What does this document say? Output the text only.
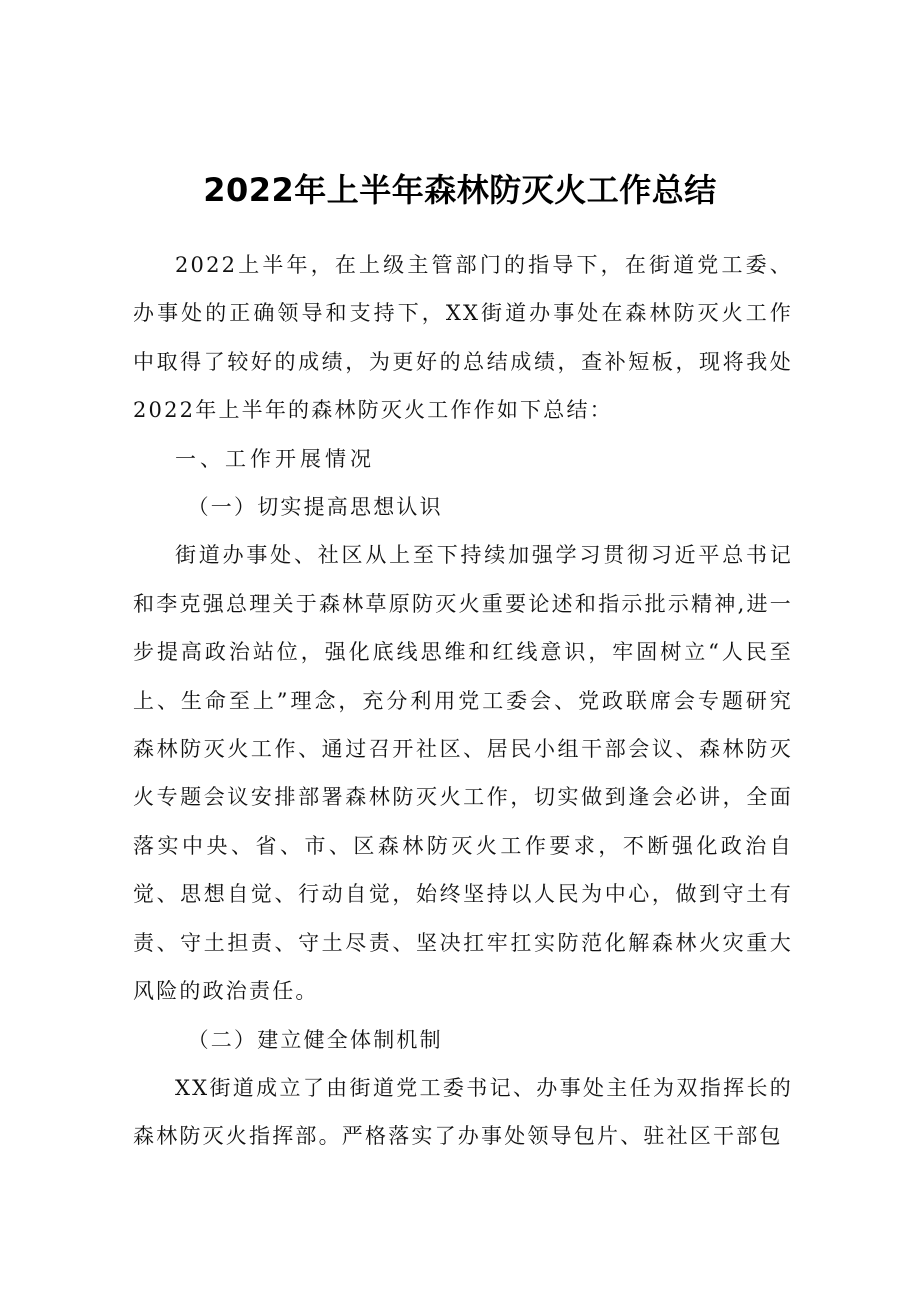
2022年上半年森林防灭火工作总结

2022上半年，在上级主管部门的指导下，在街道党工委、办事处的正确领导和支持下，XX街道办事处在森林防灭火工作中取得了较好的成绩，为更好的总结成绩，查补短板，现将我处2022年上半年的森林防灭火工作作如下总结：

一、工作开展情况

（一）切实提高思想认识

街道办事处、社区从上至下持续加强学习贯彻习近平总书记和李克强总理关于森林草原防灭火重要论述和指示批示精神,进一步提高政治站位，强化底线思维和红线意识，牢固树立“人民至上、生命至上”理念，充分利用党工委会、党政联席会专题研究森林防灭火工作、通过召开社区、居民小组干部会议、森林防灭火专题会议安排部署森林防灭火工作，切实做到逢会必讲，全面落实中央、省、市、区森林防灭火工作要求，不断强化政治自觉、思想自觉、行动自觉，始终坚持以人民为中心，做到守土有责、守土担责、守土尽责、坚决扛牢扛实防范化解森林火灾重大风险的政治责任。

（二）建立健全体制机制

XX街道成立了由街道党工委书记、办事处主任为双指挥长的森林防灭火指挥部。严格落实了办事处领导包片、驻社区干部包
